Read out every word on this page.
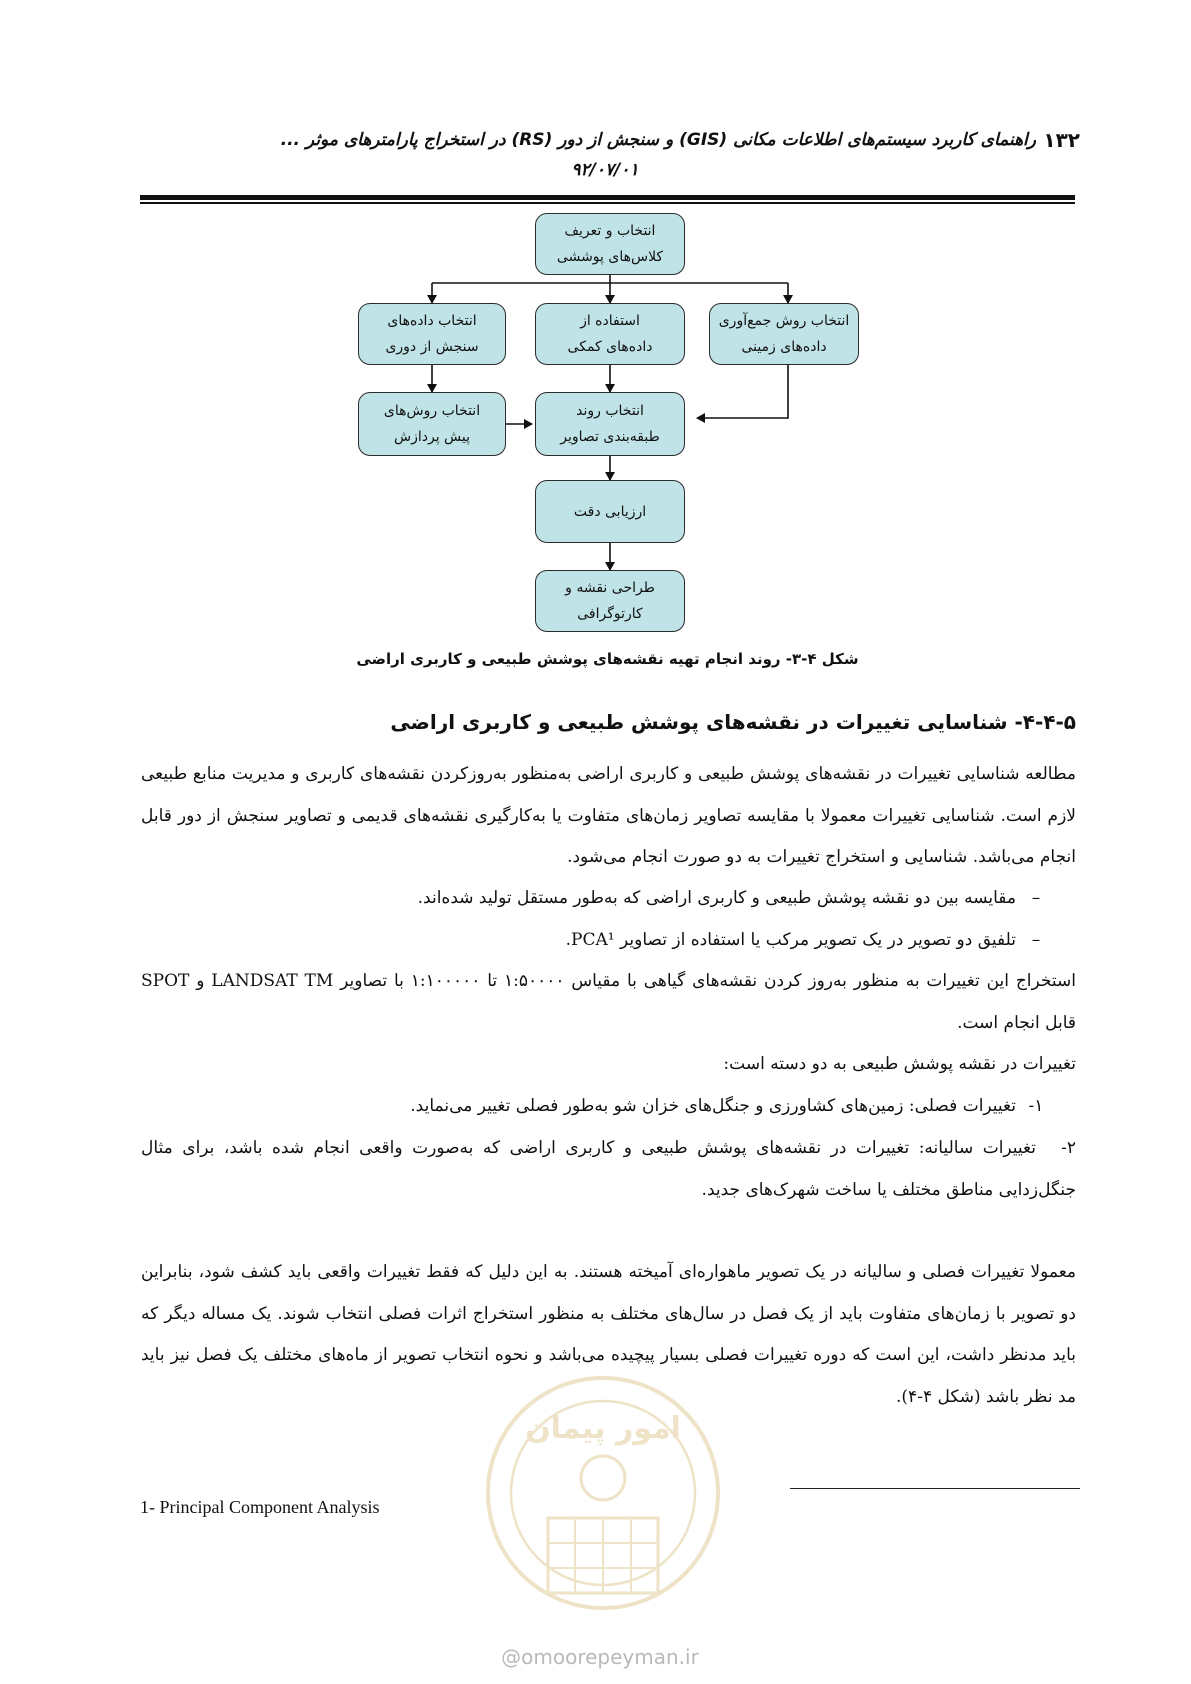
راهنمای کاربرد سیستم‌های اطلاعات مکانی (GIS) و سنجش از دور (RS) در استخراج پارامترهای موثر ... ۱۳۲
۹۲/۰۷/۰۱
انتخاب و تعریف
کلاس‌های پوششی
انتخاب داده‌های
سنجش از دوری
استفاده از
داده‌های کمکی
انتخاب روش جمع‌آوری
داده‌های زمینی
انتخاب روش‌های
پیش پردازش
انتخاب روند
طبقه‌بندی تصاویر
ارزیابی دقت
طراحی نقشه و
کارتوگرافی
شکل ۴-۳- روند انجام تهیه نقشه‌های پوشش طبیعی و کاربری اراضی
۴-۴-۵- شناسایی تغییرات در نقشه‌های پوشش طبیعی و کاربری اراضی
مطالعه شناسایی تغییرات در نقشه‌های پوشش طبیعی و کاربری اراضی به‌منظور به‌روزکردن نقشه‌های کاربری و مدیریت منابع طبیعی لازم است. شناسایی تغییرات معمولا با مقایسه تصاویر زمان‌های متفاوت یا به‌کارگیری نقشه‌های قدیمی و تصاویر سنجش از دور قابل انجام می‌باشد. شناسایی و استخراج تغییرات به دو صورت انجام می‌شود.
–مقایسه بین دو نقشه پوشش طبیعی و کاربری اراضی که به‌طور مستقل تولید شده‌اند.
–تلفیق دو تصویر در یک تصویر مرکب یا استفاده از تصاویر PCA¹.
استخراج این تغییرات به منظور به‌روز کردن نقشه‌های گیاهی با مقیاس ۱:۵۰۰۰۰ تا ۱:۱۰۰۰۰۰ با تصاویر LANDSAT TM و SPOT قابل انجام است.
تغییرات در نقشه پوشش طبیعی به دو دسته است:
۱-تغییرات فصلی: زمین‌های کشاورزی و جنگل‌های خزان شو به‌طور فصلی تغییر می‌نماید.
۲-تغییرات سالیانه: تغییرات در نقشه‌های پوشش طبیعی و کاربری اراضی که به‌صورت واقعی انجام شده باشد، برای مثال جنگل‌زدایی مناطق مختلف یا ساخت شهرک‌های جدید.
معمولا تغییرات فصلی و سالیانه در یک تصویر ماهواره‌ای آمیخته هستند. به این دلیل که فقط تغییرات واقعی باید کشف شود، بنابراین دو تصویر با زمان‌های متفاوت باید از یک فصل در سال‌های مختلف به منظور استخراج اثرات فصلی انتخاب شوند. یک مساله دیگر که باید مدنظر داشت، این است که دوره تغییرات فصلی بسیار پیچیده می‌باشد و نحوه انتخاب تصویر از ماه‌های مختلف یک فصل نیز باید مد نظر باشد (شکل ۴-۴).
1- Principal Component Analysis
امور پیمان
@omoorepeyman.ir
